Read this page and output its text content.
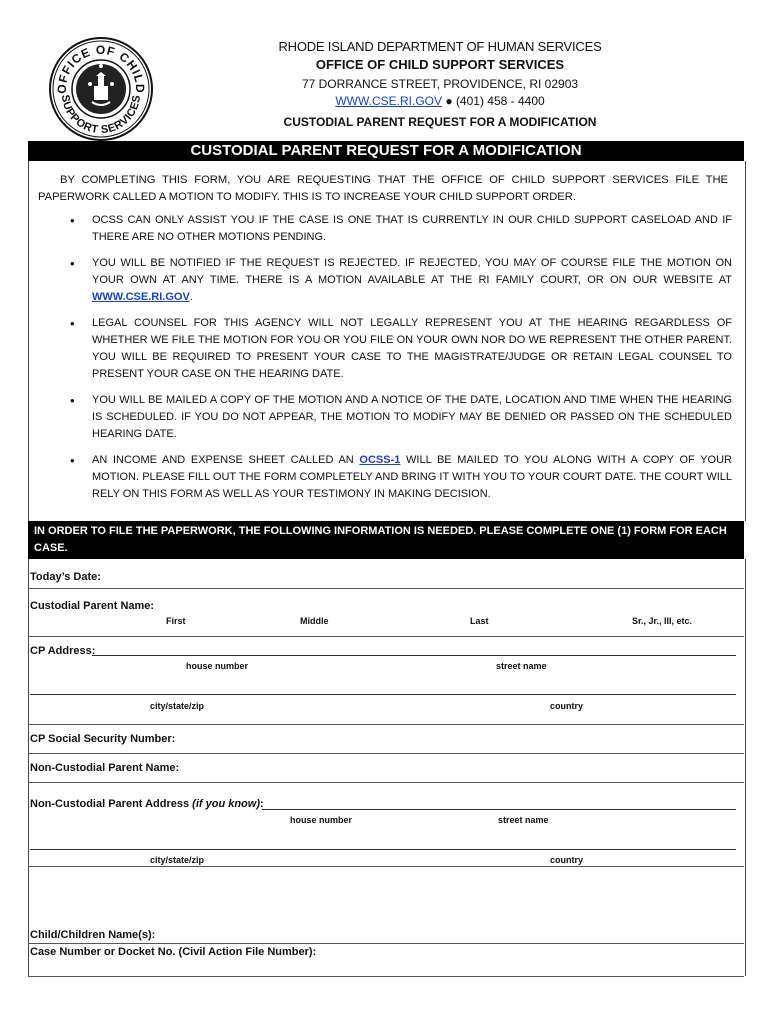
OFFICE OF CHILD
SUPPORT SERVICES
RHODE ISLAND DEPARTMENT OF HUMAN SERVICES
OFFICE OF CHILD SUPPORT SERVICES
77 DORRANCE STREET, PROVIDENCE, RI 02903
WWW.CSE.RI.GOV ● (401) 458 - 4400
CUSTODIAL PARENT REQUEST FOR A MODIFICATION
CUSTODIAL PARENT REQUEST FOR A MODIFICATION
BY COMPLETING THIS FORM, YOU ARE REQUESTING THAT THE OFFICE OF CHILD SUPPORT SERVICES FILE THE PAPERWORK CALLED A MOTION TO MODIFY. THIS IS TO INCREASE YOUR CHILD SUPPORT ORDER.
• OCSS CAN ONLY ASSIST YOU IF THE CASE IS ONE THAT IS CURRENTLY IN OUR CHILD SUPPORT CASELOAD AND IF THERE ARE NO OTHER MOTIONS PENDING.
• YOU WILL BE NOTIFIED IF THE REQUEST IS REJECTED. IF REJECTED, YOU MAY OF COURSE FILE THE MOTION ON YOUR OWN AT ANY TIME. THERE IS A MOTION AVAILABLE AT THE RI FAMILY COURT, OR ON OUR WEBSITE AT WWW.CSE.RI.GOV.
• LEGAL COUNSEL FOR THIS AGENCY WILL NOT LEGALLY REPRESENT YOU AT THE HEARING REGARDLESS OF WHETHER WE FILE THE MOTION FOR YOU OR YOU FILE ON YOUR OWN NOR DO WE REPRESENT THE OTHER PARENT. YOU WILL BE REQUIRED TO PRESENT YOUR CASE TO THE MAGISTRATE/JUDGE OR RETAIN LEGAL COUNSEL TO PRESENT YOUR CASE ON THE HEARING DATE.
• YOU WILL BE MAILED A COPY OF THE MOTION AND A NOTICE OF THE DATE, LOCATION AND TIME WHEN THE HEARING IS SCHEDULED. IF YOU DO NOT APPEAR, THE MOTION TO MODIFY MAY BE DENIED OR PASSED ON THE SCHEDULED HEARING DATE.
• AN INCOME AND EXPENSE SHEET CALLED AN OCSS-1 WILL BE MAILED TO YOU ALONG WITH A COPY OF YOUR MOTION. PLEASE FILL OUT THE FORM COMPLETELY AND BRING IT WITH YOU TO YOUR COURT DATE. THE COURT WILL RELY ON THIS FORM AS WELL AS YOUR TESTIMONY IN MAKING DECISION.
IN ORDER TO FILE THE PAPERWORK, THE FOLLOWING INFORMATION IS NEEDED. PLEASE COMPLETE ONE (1) FORM FOR EACH CASE.
Today’s Date:
Custodial Parent Name:
First	Middle	Last	Sr., Jr., III, etc.
CP Address:
house number	street name
city/state/zip	country
CP Social Security Number:
Non-Custodial Parent Name:
Non-Custodial Parent Address (if you know):
house number	street name
city/state/zip	country
Child/Children Name(s):
Case Number or Docket No. (Civil Action File Number):
